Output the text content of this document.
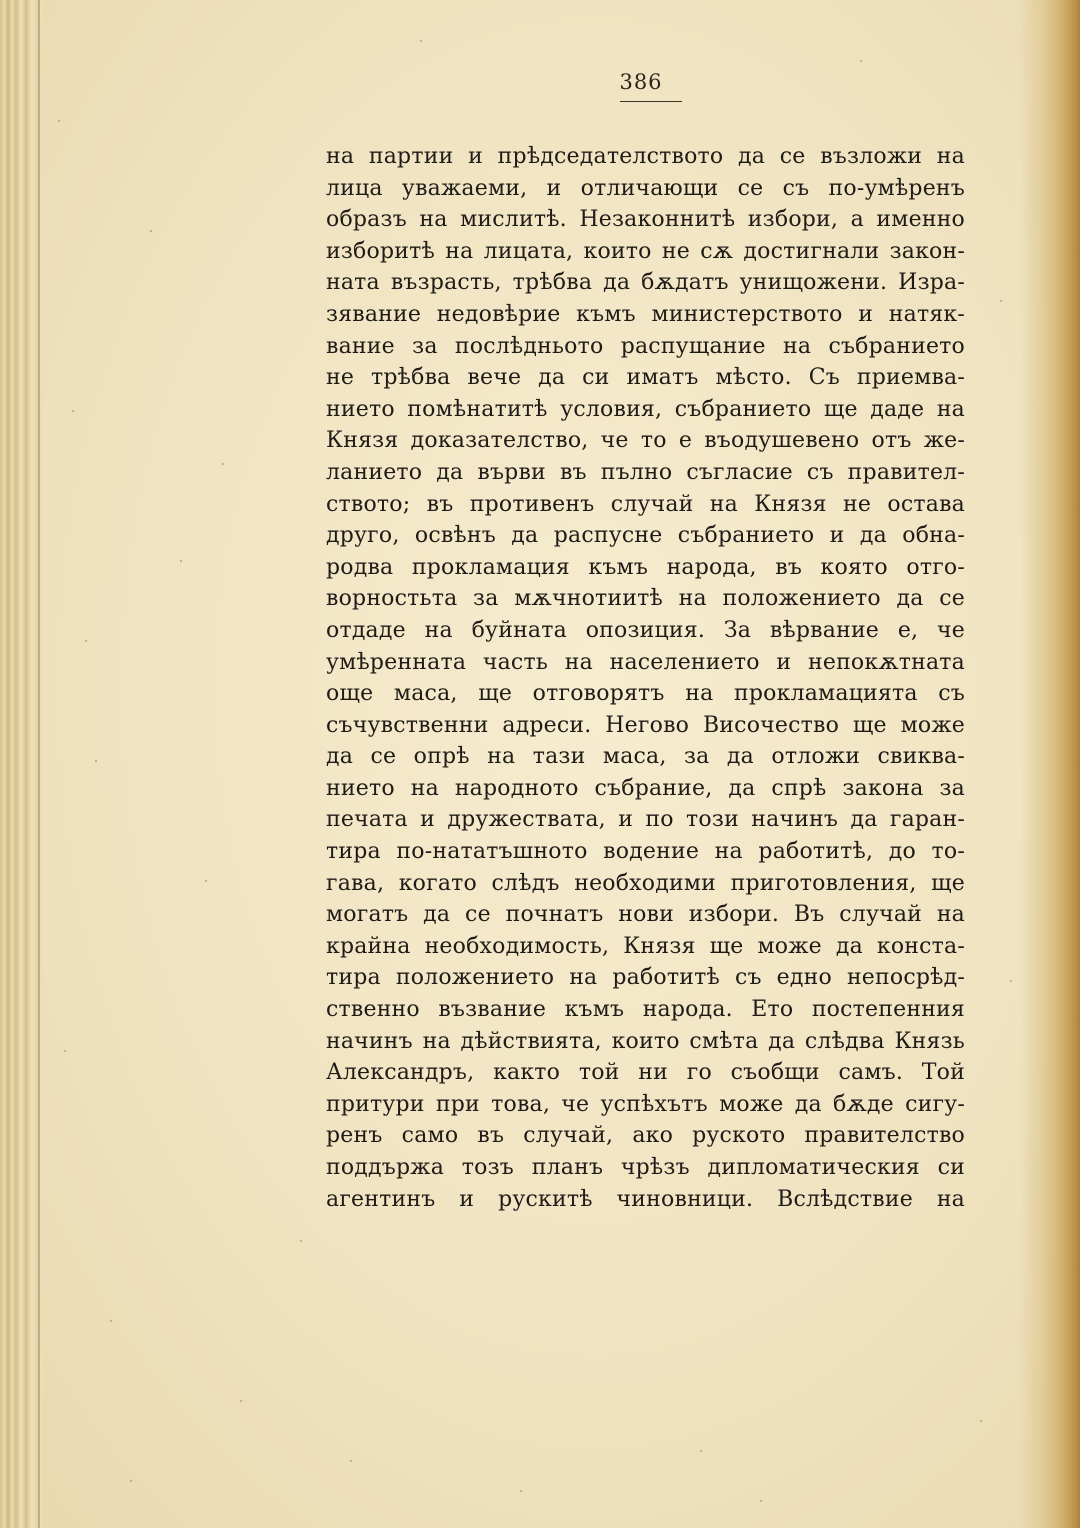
386
на партии и прѣдседателството да се възложи на
лица уважаеми, и отличающи се съ по-умѣренъ
образъ на мислитѣ. Незаконнитѣ избори, а именно
изборитѣ на лицата, които не сѫ достигнали закон-
ната възрасть, трѣбва да бѫдатъ унищожени. Изра-
зявание недовѣрие къмъ министерството и натяк-
вание за послѣдньото распущание на събранието
не трѣбва вече да си иматъ мѣсто. Съ приемва-
нието помѣнатитѣ условия, събранието ще даде на
Князя доказателство, че то е въодушевено отъ же-
ланието да върви въ пълно съгласие съ правител-
ството; въ противенъ случай на Князя не остава
друго, освѣнъ да распусне събранието и да обна-
родва прокламация къмъ народа, въ която отго-
ворностьта за мѫчнотиитѣ на положението да се
отдаде на буйната опозиция. За вѣрвание е, че
умѣренната часть на населението и непокѫтната
още маса, ще отговорятъ на прокламацията съ
съчувственни адреси. Негово Височество ще може
да се опрѣ на тази маса, за да отложи свиква-
нието на народното събрание, да спрѣ закона за
печата и дружествата, и по този начинъ да гаран-
тира по-нататъшното водение на работитѣ, до то-
гава, когато слѣдъ необходими приготовления, ще
могатъ да се почнатъ нови избори. Въ случай на
крайна необходимость, Князя ще може да конста-
тира положението на работитѣ съ едно непосрѣд-
ственно възвание къмъ народа. Ето постепенния
начинъ на дѣйствията, които смѣта да слѣдва Князь
Александръ, както той ни го съобщи самъ. Той
притури при това, че успѣхътъ може да бѫде сигу-
ренъ само въ случай, ако руското правителство
поддържа тозъ планъ чрѣзъ дипломатическия си
агентинъ и рускитѣ чиновници. Вслѣдствие на
